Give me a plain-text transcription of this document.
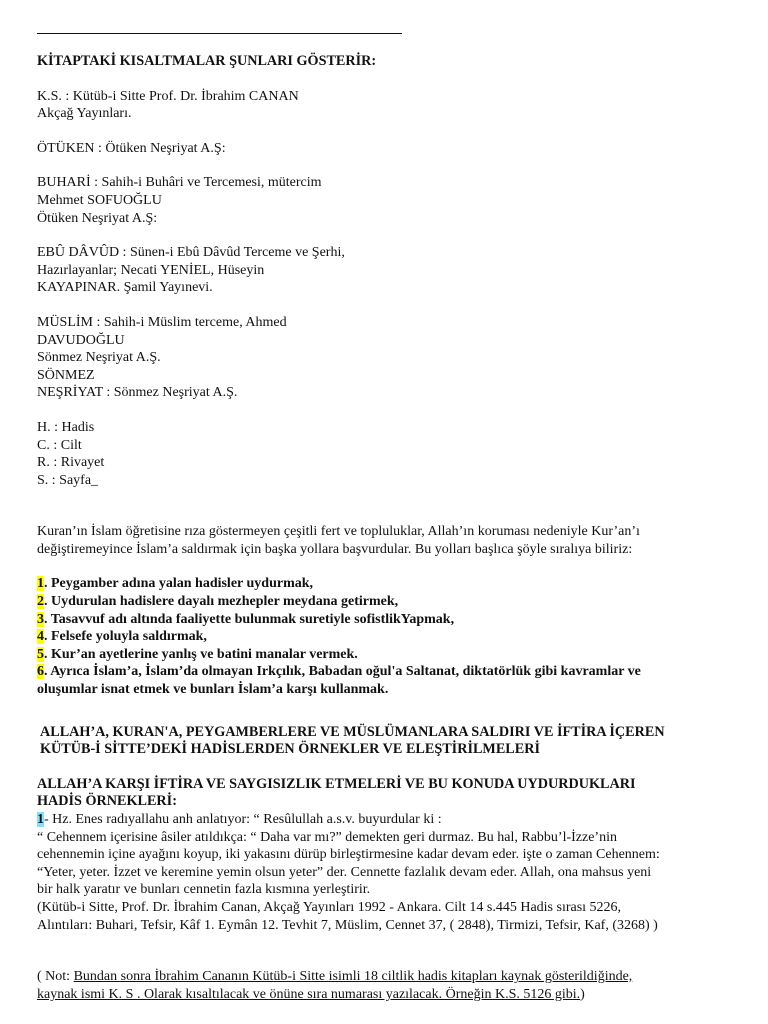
KİTAPTAKİ KISALTMALAR ŞUNLARI GÖSTERİR:

K.S. : Kütüb-i Sitte Prof. Dr. İbrahim CANAN

Akçağ Yayınları.

ÖTÜKEN : Ötüken Neşriyat A.Ş:

BUHARİ : Sahih-i Buhâri ve Tercemesi, mütercim

Mehmet SOFUOĞLU

Ötüken Neşriyat A.Ş:

EBÛ DÂVÛD : Sünen-i Ebû Dâvûd Terceme ve Şerhi,

Hazırlayanlar; Necati YENİEL, Hüseyin

KAYAPINAR. Şamil Yayınevi.

MÜSLİM : Sahih-i Müslim terceme, Ahmed

DAVUDOĞLU

Sönmez Neşriyat A.Ş.

SÖNMEZ

NEŞRİYAT : Sönmez Neşriyat A.Ş.

H. : Hadis

C. : Cilt

R. : Rivayet

S. : Sayfa_

Kuran’ın İslam öğretisine rıza göstermeyen çeşitli fert ve topluluklar, Allah’ın koruması nedeniyle Kur’an’ı

değiştiremeyince İslam’a saldırmak için başka yollara başvurdular. Bu yolları başlıca şöyle sıralıya biliriz:

1. Peygamber adına yalan hadisler uydurmak,

2. Uydurulan hadislere dayalı mezhepler meydana getirmek,

3. Tasavvuf adı altında faaliyette bulunmak suretiyle sofistlikYapmak,

4. Felsefe yoluyla saldırmak,

5. Kur’an ayetlerine yanlış ve batini manalar vermek.

6. Ayrıca İslam’a, İslam’da olmayan Irkçılık, Babadan oğul'a Saltanat, diktatörlük gibi kavramlar ve

oluşumlar isnat etmek ve bunları İslam’a karşı kullanmak.

ALLAH’A, KURAN'A, PEYGAMBERLERE VE MÜSLÜMANLARA SALDIRI VE İFTİRA İÇEREN

KÜTÜB-İ SİTTE’DEKİ HADİSLERDEN ÖRNEKLER VE ELEŞTİRİLMELERİ

ALLAH’A KARŞI İFTİRA VE SAYGISIZLIK ETMELERİ VE BU KONUDA UYDURDUKLARI

HADİS ÖRNEKLERİ:

1- Hz. Enes radıyallahu anh anlatıyor: “ Resûlullah a.s.v. buyurdular ki :

“ Cehennem içerisine âsiler atıldıkça: “ Daha var mı?” demekten geri durmaz. Bu hal, Rabbu’l-İzze’nin

cehennemin içine ayağını koyup, iki yakasını dürüp birleştirmesine kadar devam eder. işte o zaman Cehennem:

“Yeter, yeter. İzzet ve keremine yemin olsun yeter” der. Cennette fazlalık devam eder. Allah, ona mahsus yeni

bir halk yaratır ve bunları cennetin fazla kısmına yerleştirir.

(Kütüb-i Sitte, Prof. Dr. İbrahim Canan, Akçağ Yayınları 1992 - Ankara. Cilt 14 s.445 Hadis sırası 5226,

Alıntıları: Buhari, Tefsir, Kâf 1. Eymân 12. Tevhit 7, Müslim, Cennet 37, ( 2848), Tirmizi, Tefsir, Kaf, (3268) )

( Not: Bundan sonra İbrahim Cananın Kütüb-i Sitte isimli 18 ciltlik hadis kitapları kaynak gösterildiğinde,

kaynak ismi K. S . Olarak kısaltılacak ve önüne sıra numarası yazılacak. Örneğin K.S. 5126 gibi.)
